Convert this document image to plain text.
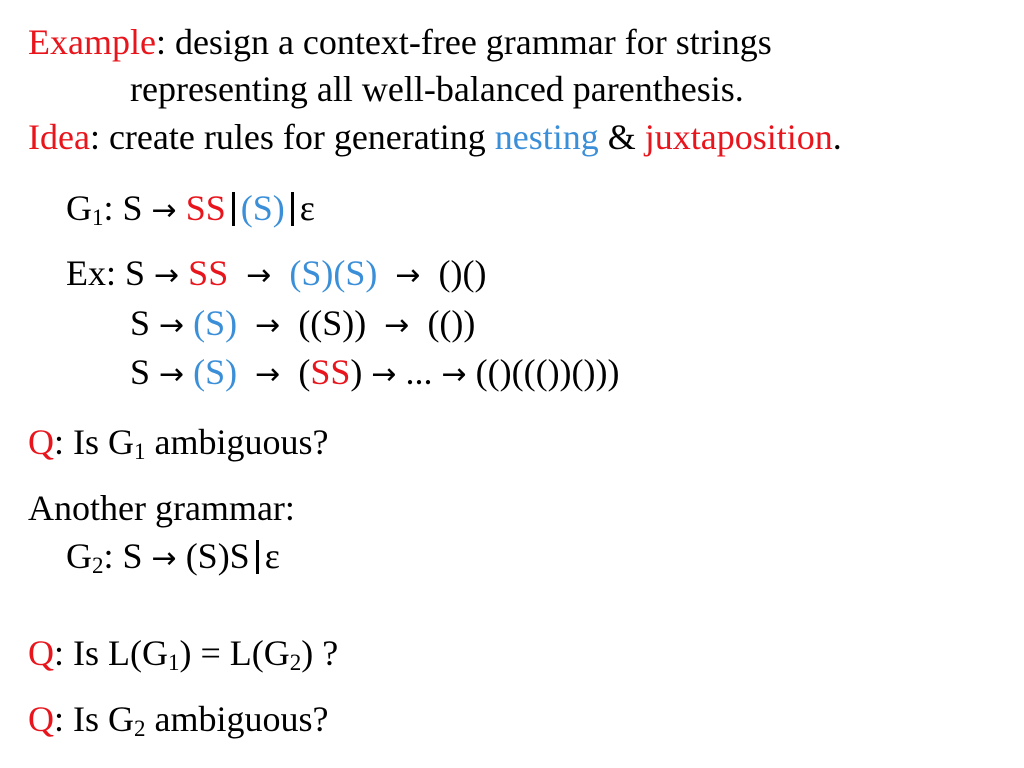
Example: design a context-free grammar for strings
representing all well-balanced parenthesis.
Idea: create rules for generating nesting & juxtaposition.
$G_1$: S → SS (S) ε
Ex: S → SS → (S)(S) → ()()
S → (S) → ((S)) → (())
S → (S) → (SS) → ... → (()((())()))
Q: Is $G_1$ ambiguous?
Another grammar:
$G_2$: S → (S)S ε
Q: Is $L(G_1) = L(G_2)$ ?
Q: Is $G_2$ ambiguous?
